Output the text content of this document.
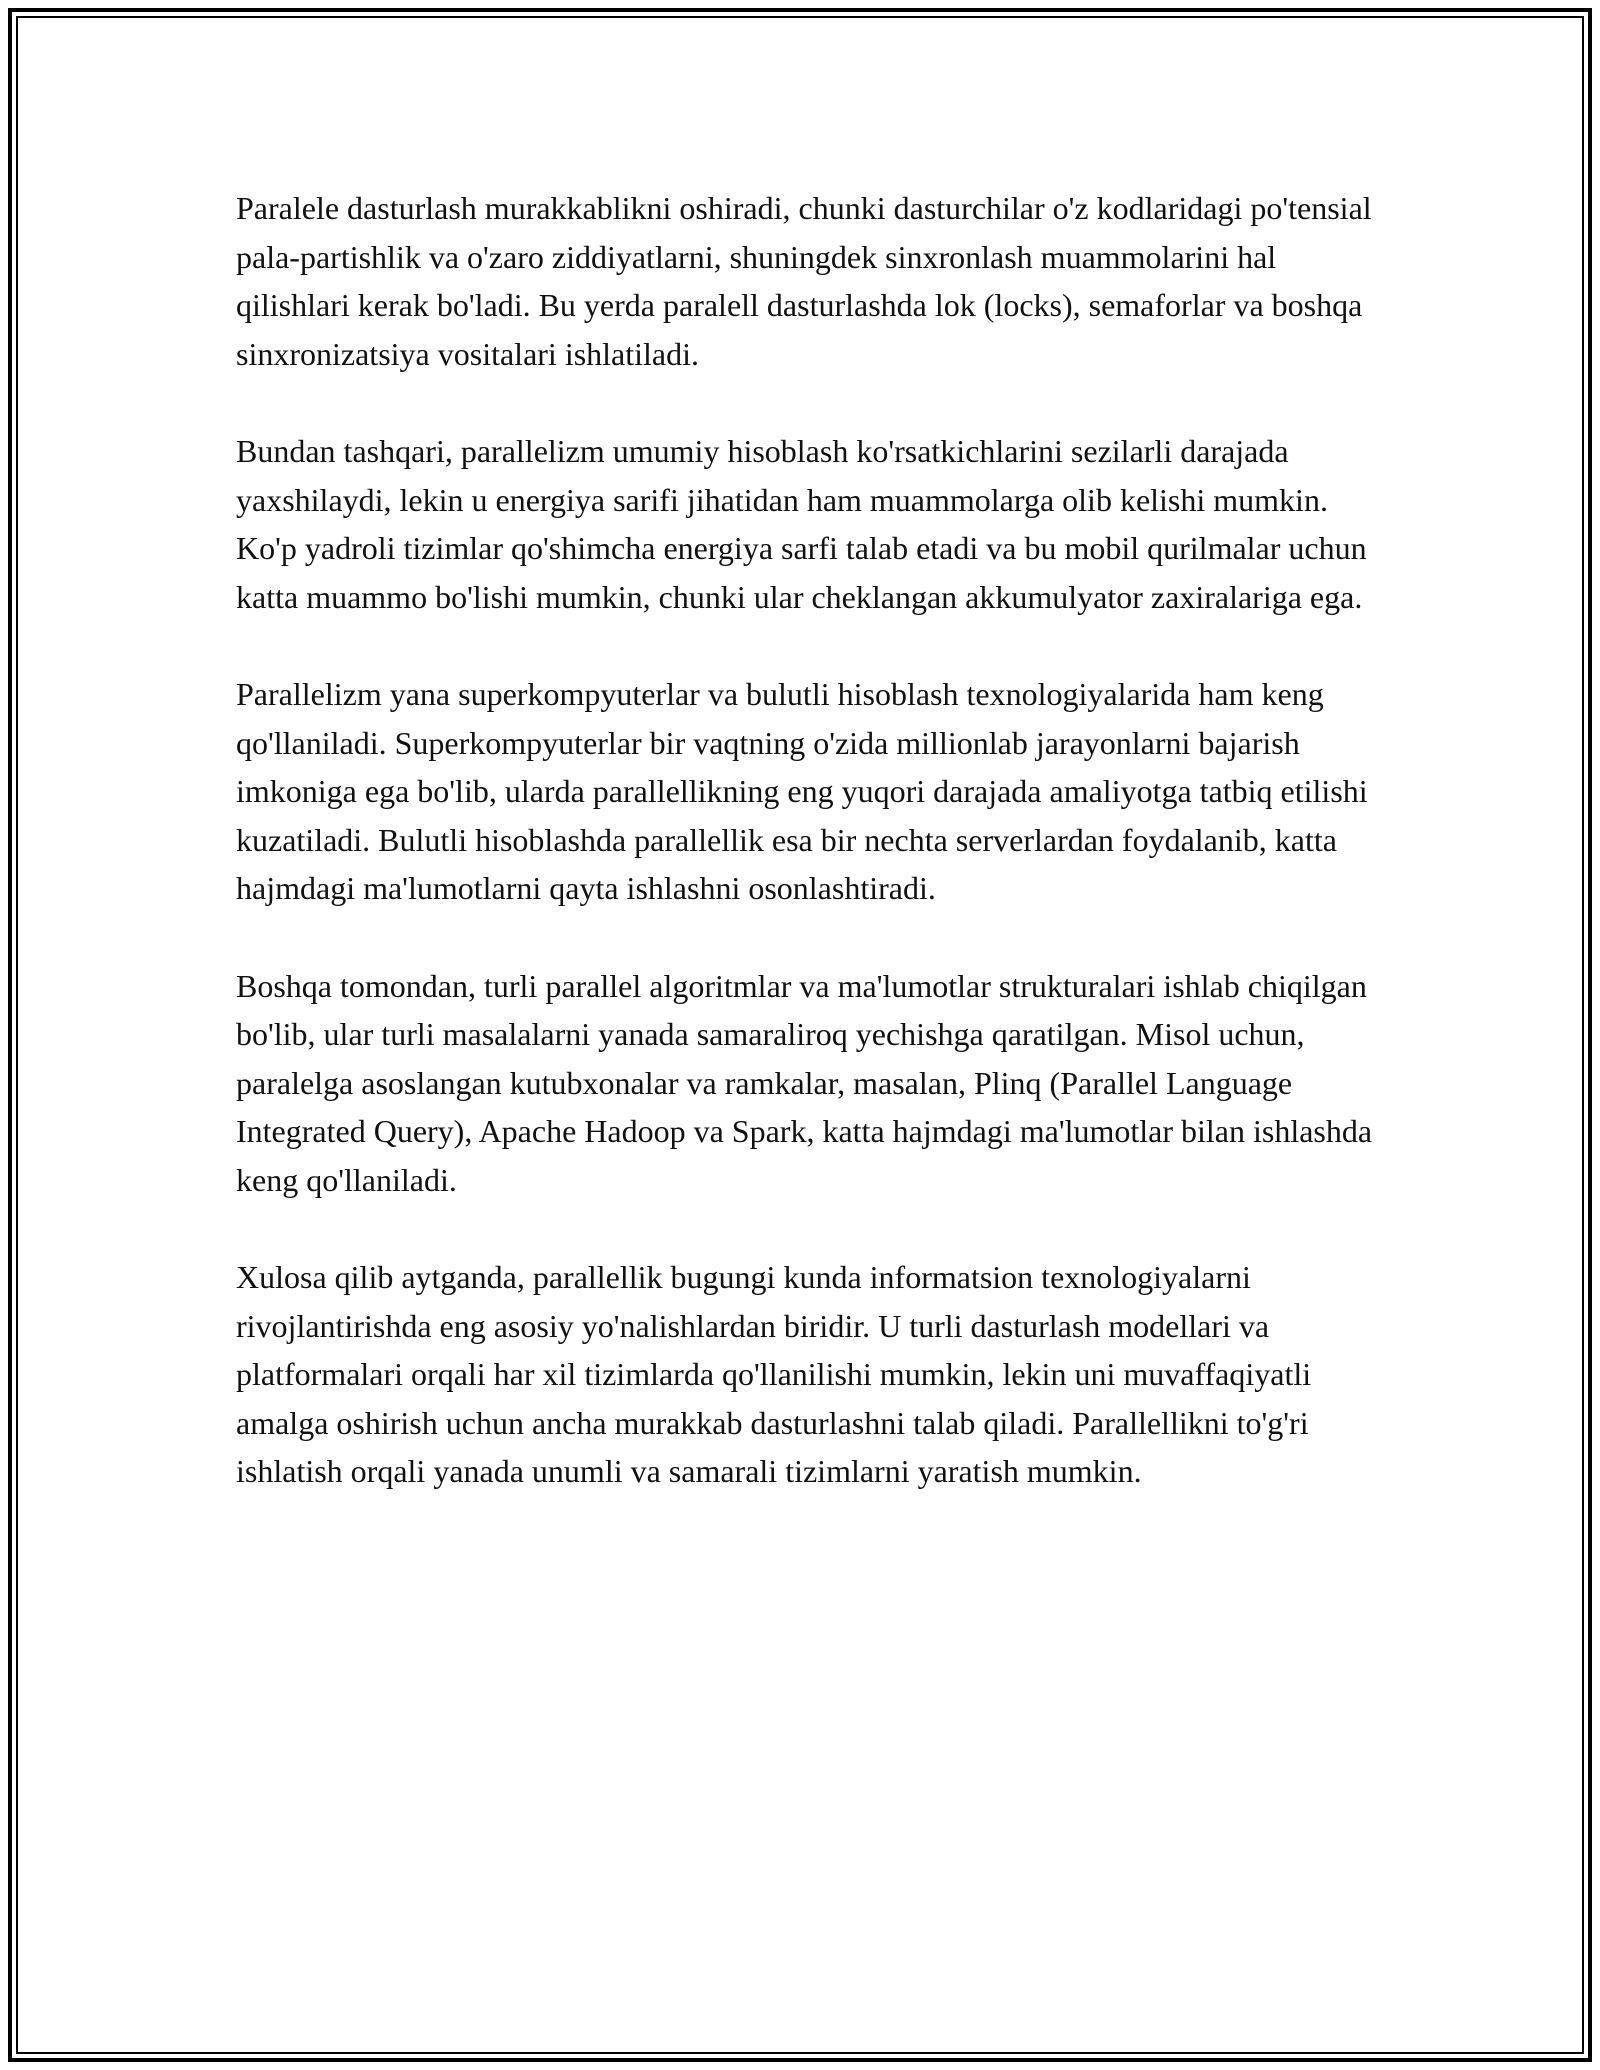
Paralele dasturlash murakkablikni oshiradi, chunki dasturchilar o'z kodlaridagi po'tensial pala-partishlik va o'zaro ziddiyatlarni, shuningdek sinxronlash muammolarini hal qilishlari kerak bo'ladi. Bu yerda paralell dasturlashda lok (locks), semaforlar va boshqa sinxronizatsiya vositalari ishlatiladi.

Bundan tashqari, parallelizm umumiy hisoblash ko'rsatkichlarini sezilarli darajada yaxshilaydi, lekin u energiya sarifi jihatidan ham muammolarga olib kelishi mumkin. Ko'p yadroli tizimlar qo'shimcha energiya sarfi talab etadi va bu mobil qurilmalar uchun katta muammo bo'lishi mumkin, chunki ular cheklangan akkumulyator zaxiralariga ega.

Parallelizm yana superkompyuterlar va bulutli hisoblash texnologiyalarida ham keng qo'llaniladi. Superkompyuterlar bir vaqtning o'zida millionlab jarayonlarni bajarish imkoniga ega bo'lib, ularda parallellikning eng yuqori darajada amaliyotga tatbiq etilishi kuzatiladi. Bulutli hisoblashda parallellik esa bir nechta serverlardan foydalanib, katta hajmdagi ma'lumotlarni qayta ishlashni osonlashtiradi.

Boshqa tomondan, turli parallel algoritmlar va ma'lumotlar strukturalari ishlab chiqilgan bo'lib, ular turli masalalarni yanada samaraliroq yechishga qaratilgan. Misol uchun, paralelga asoslangan kutubxonalar va ramkalar, masalan, Plinq (Parallel Language Integrated Query), Apache Hadoop va Spark, katta hajmdagi ma'lumotlar bilan ishlashda keng qo'llaniladi.

Xulosa qilib aytganda, parallellik bugungi kunda informatsion texnologiyalarni rivojlantirishda eng asosiy yo'nalishlardan biridir. U turli dasturlash modellari va platformalari orqali har xil tizimlarda qo'llanilishi mumkin, lekin uni muvaffaqiyatli amalga oshirish uchun ancha murakkab dasturlashni talab qiladi. Parallellikni to'g'ri ishlatish orqali yanada unumli va samarali tizimlarni yaratish mumkin.
